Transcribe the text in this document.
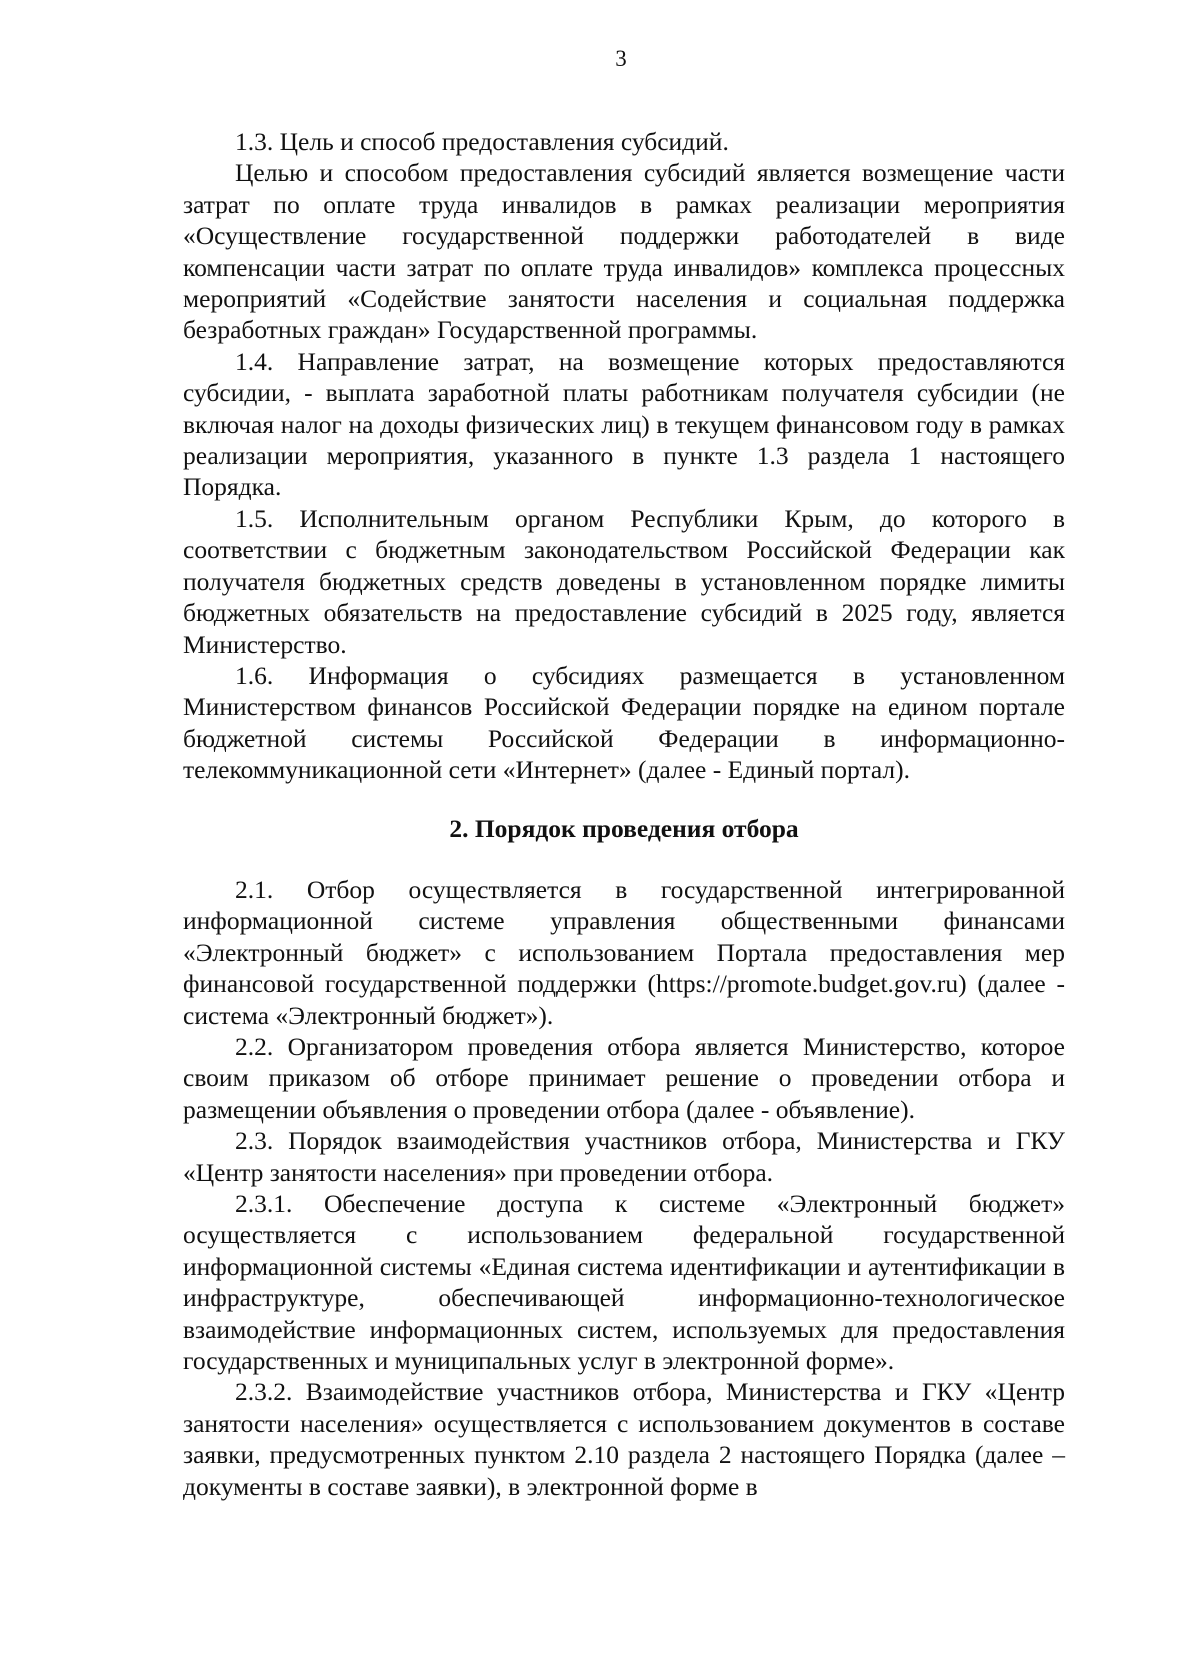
3

1.3. Цель и способ предоставления субсидий.

Целью и способом предоставления субсидий является возмещение части затрат по оплате труда инвалидов в рамках реализации мероприятия «Осуществление государственной поддержки работодателей в виде компенсации части затрат по оплате труда инвалидов» комплекса процессных мероприятий «Содействие занятости населения и социальная поддержка безработных граждан» Государственной программы.

1.4. Направление затрат, на возмещение которых предоставляются субсидии, - выплата заработной платы работникам получателя субсидии (не включая налог на доходы физических лиц) в текущем финансовом году в рамках реализации мероприятия, указанного в пункте 1.3 раздела 1 настоящего Порядка.

1.5. Исполнительным органом Республики Крым, до которого в соответствии с бюджетным законодательством Российской Федерации как получателя бюджетных средств доведены в установленном порядке лимиты бюджетных обязательств на предоставление субсидий в 2025 году, является Министерство.

1.6. Информация о субсидиях размещается в установленном Министерством финансов Российской Федерации порядке на едином портале бюджетной системы Российской Федерации в информационно-телекоммуникационной сети «Интернет» (далее - Единый портал).

2. Порядок проведения отбора

2.1. Отбор осуществляется в государственной интегрированной информационной системе управления общественными финансами «Электронный бюджет» с использованием Портала предоставления мер финансовой государственной поддержки (https://promote.budget.gov.ru) (далее - система «Электронный бюджет»).

2.2. Организатором проведения отбора является Министерство, которое своим приказом об отборе принимает решение о проведении отбора и размещении объявления о проведении отбора (далее - объявление).

2.3. Порядок взаимодействия участников отбора, Министерства и ГКУ «Центр занятости населения» при проведении отбора.

2.3.1. Обеспечение доступа к системе «Электронный бюджет» осуществляется с использованием федеральной государственной информационной системы «Единая система идентификации и аутентификации в инфраструктуре, обеспечивающей информационно-технологическое взаимодействие информационных систем, используемых для предоставления государственных и муниципальных услуг в электронной форме».

2.3.2. Взаимодействие участников отбора, Министерства и ГКУ «Центр занятости населения» осуществляется с использованием документов в составе заявки, предусмотренных пунктом 2.10 раздела 2 настоящего Порядка (далее – документы в составе заявки), в электронной форме в
